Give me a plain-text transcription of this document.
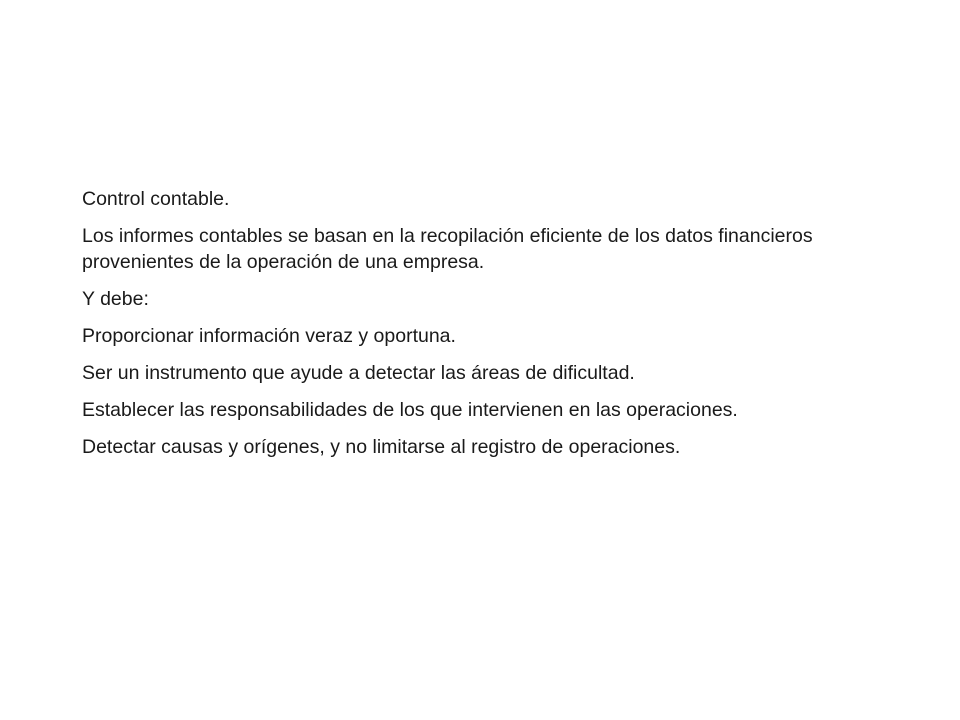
Control contable.

Los informes contables se basan en la recopilación eficiente de los datos financieros provenientes de la operación de una empresa.

Y debe:

Proporcionar información veraz y oportuna.

Ser un instrumento que ayude a detectar las áreas de dificultad.

Establecer las responsabilidades de los que intervienen en las operaciones.

Detectar causas y orígenes, y no limitarse al registro de operaciones.
